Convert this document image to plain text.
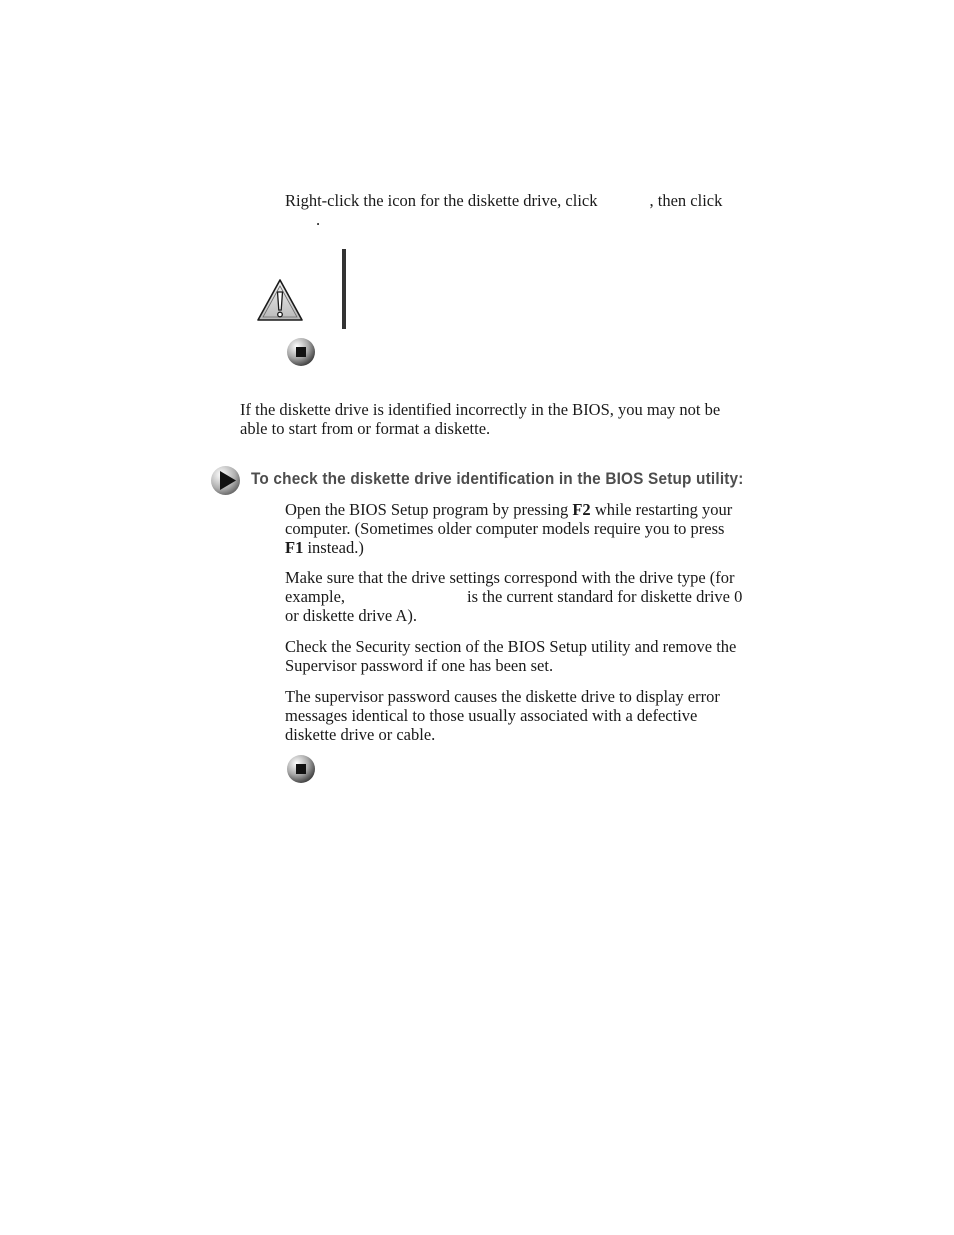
Right-click the icon for the diskette drive, click	, then click
.
If the diskette drive is identified incorrectly in the BIOS, you may not be
able to start from or format a diskette.
To check the diskette drive identification in the BIOS Setup utility:
Open the BIOS Setup program by pressing F2 while restarting your
computer. (Sometimes older computer models require you to press
F1 instead.)
Make sure that the drive settings correspond with the drive type (for
example,	is the current standard for diskette drive 0
or diskette drive A).
Check the Security section of the BIOS Setup utility and remove the
Supervisor password if one has been set.
The supervisor password causes the diskette drive to display error
messages identical to those usually associated with a defective
diskette drive or cable.
